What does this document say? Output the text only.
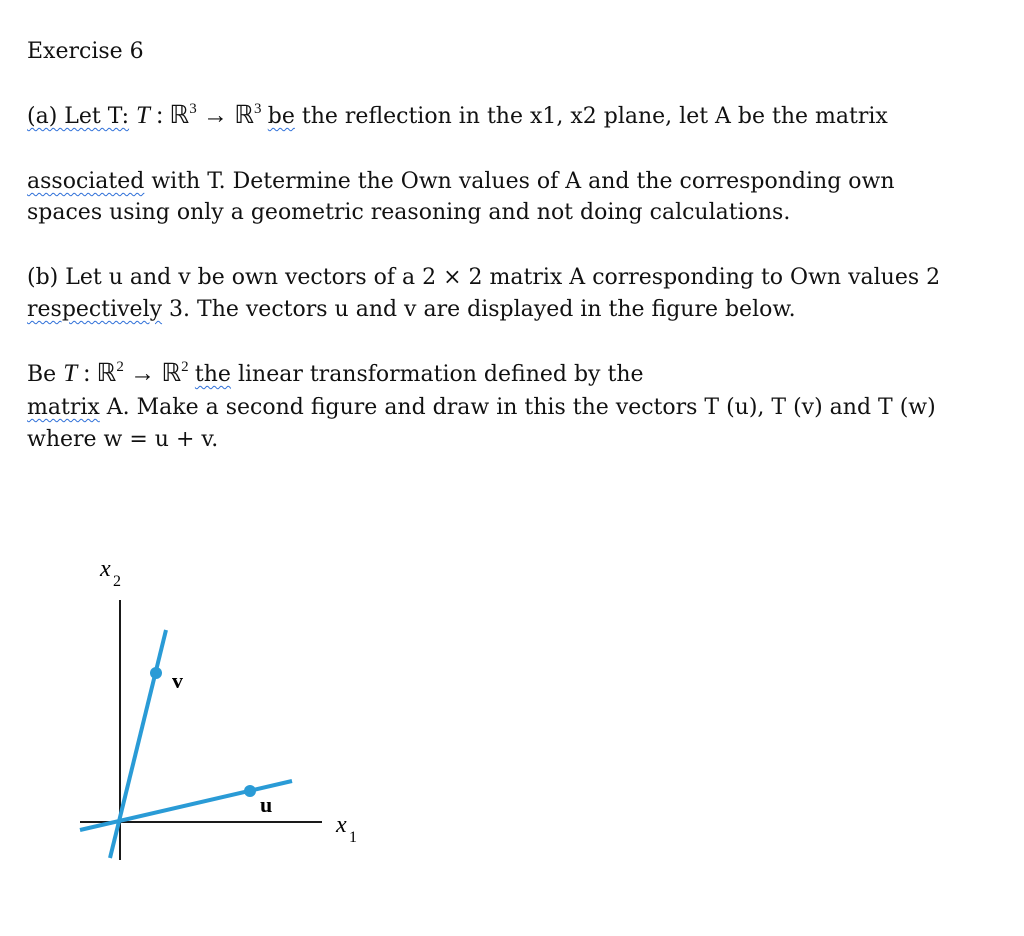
Exercise 6
(a) Let T: T : ℝ$^3$ → ℝ$^3$ be the reflection in the x1, x2 plane, let A be the matrix
associated with T. Determine the Own values of A and the corresponding own
spaces using only a geometric reasoning and not doing calculations.
(b) Let u and v be own vectors of a 2 × 2 matrix A corresponding to Own values 2
respectively 3. The vectors u and v are displayed in the figure below.
Be T : ℝ$^2$ → ℝ$^2$ the linear transformation defined by the
matrix A. Make a second figure and draw in this the vectors T (u), T (v) and T (w)
where w = u + v.
v
u
x 2
x 1
